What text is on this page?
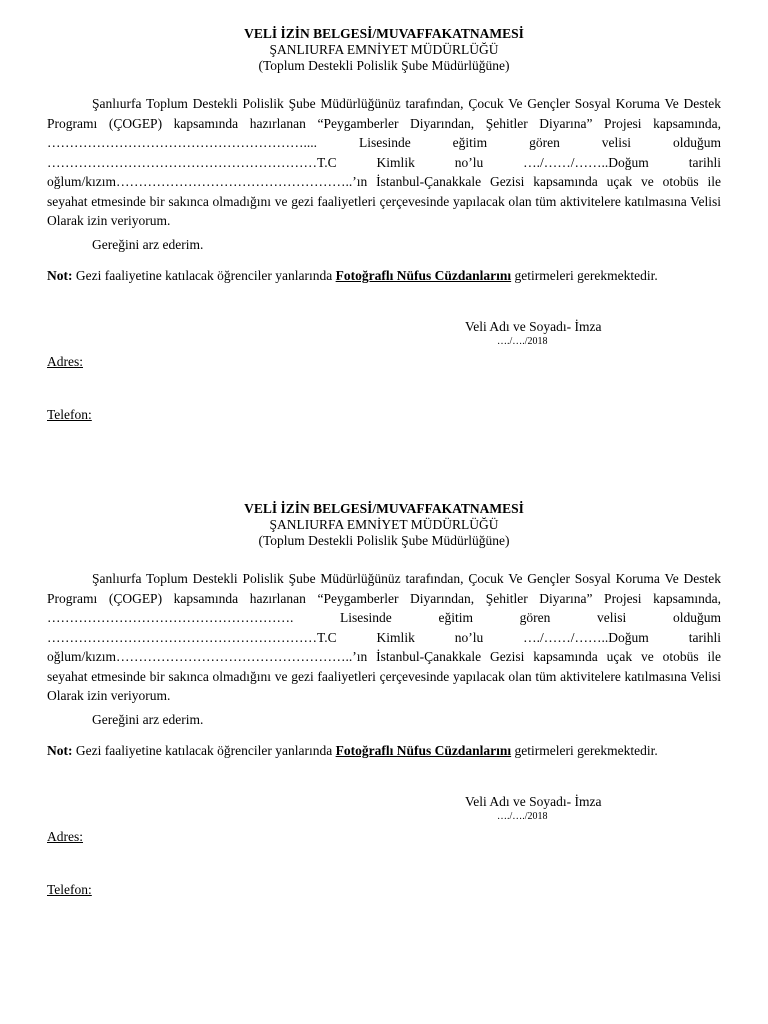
VELİ İZİN BELGESİ/MUVAFFAKATNAMESİ

ŞANLIURFA EMNİYET MÜDÜRLÜĞÜ

(Toplum Destekli Polislik Şube Müdürlüğüne)

Şanlıurfa Toplum Destekli Polislik Şube Müdürlüğünüz tarafından, Çocuk Ve Gençler Sosyal Koruma Ve Destek Programı (ÇOGEP) kapsamında hazırlanan “Peygamberler Diyarından, Şehitler Diyarına” Projesi kapsamında, ………………………………………………….... Lisesinde eğitim gören velisi olduğum ……………………………………………………T.C Kimlik no’lu …./……/……..Doğum tarihli oğlum/kızım……………………………………………..’ın İstanbul-Çanakkale Gezisi kapsamında uçak ve otobüs ile seyahat etmesinde bir sakınca olmadığını ve gezi faaliyetleri çerçevesinde yapılacak olan tüm aktivitelere katılmasına Velisi Olarak izin veriyorum.

Gereğini arz ederim.

Not: Gezi faaliyetine katılacak öğrenciler yanlarında Fotoğraflı Nüfus Cüzdanlarını getirmeleri gerekmektedir.

Veli Adı ve Soyadı- İmza

…./…./2018

Adres:

Telefon:

VELİ İZİN BELGESİ/MUVAFFAKATNAMESİ

ŞANLIURFA EMNİYET MÜDÜRLÜĞÜ

(Toplum Destekli Polislik Şube Müdürlüğüne)

Şanlıurfa Toplum Destekli Polislik Şube Müdürlüğünüz tarafından, Çocuk Ve Gençler Sosyal Koruma Ve Destek Programı (ÇOGEP) kapsamında hazırlanan “Peygamberler Diyarından, Şehitler Diyarına” Projesi kapsamında, ………………………………………………. Lisesinde eğitim gören velisi olduğum ……………………………………………………T.C Kimlik no’lu …./……/……..Doğum tarihli oğlum/kızım……………………………………………..’ın İstanbul-Çanakkale Gezisi kapsamında uçak ve otobüs ile seyahat etmesinde bir sakınca olmadığını ve gezi faaliyetleri çerçevesinde yapılacak olan tüm aktivitelere katılmasına Velisi Olarak izin veriyorum.

Gereğini arz ederim.

Not: Gezi faaliyetine katılacak öğrenciler yanlarında Fotoğraflı Nüfus Cüzdanlarını getirmeleri gerekmektedir.

Veli Adı ve Soyadı- İmza

…./…./2018

Adres:

Telefon:
